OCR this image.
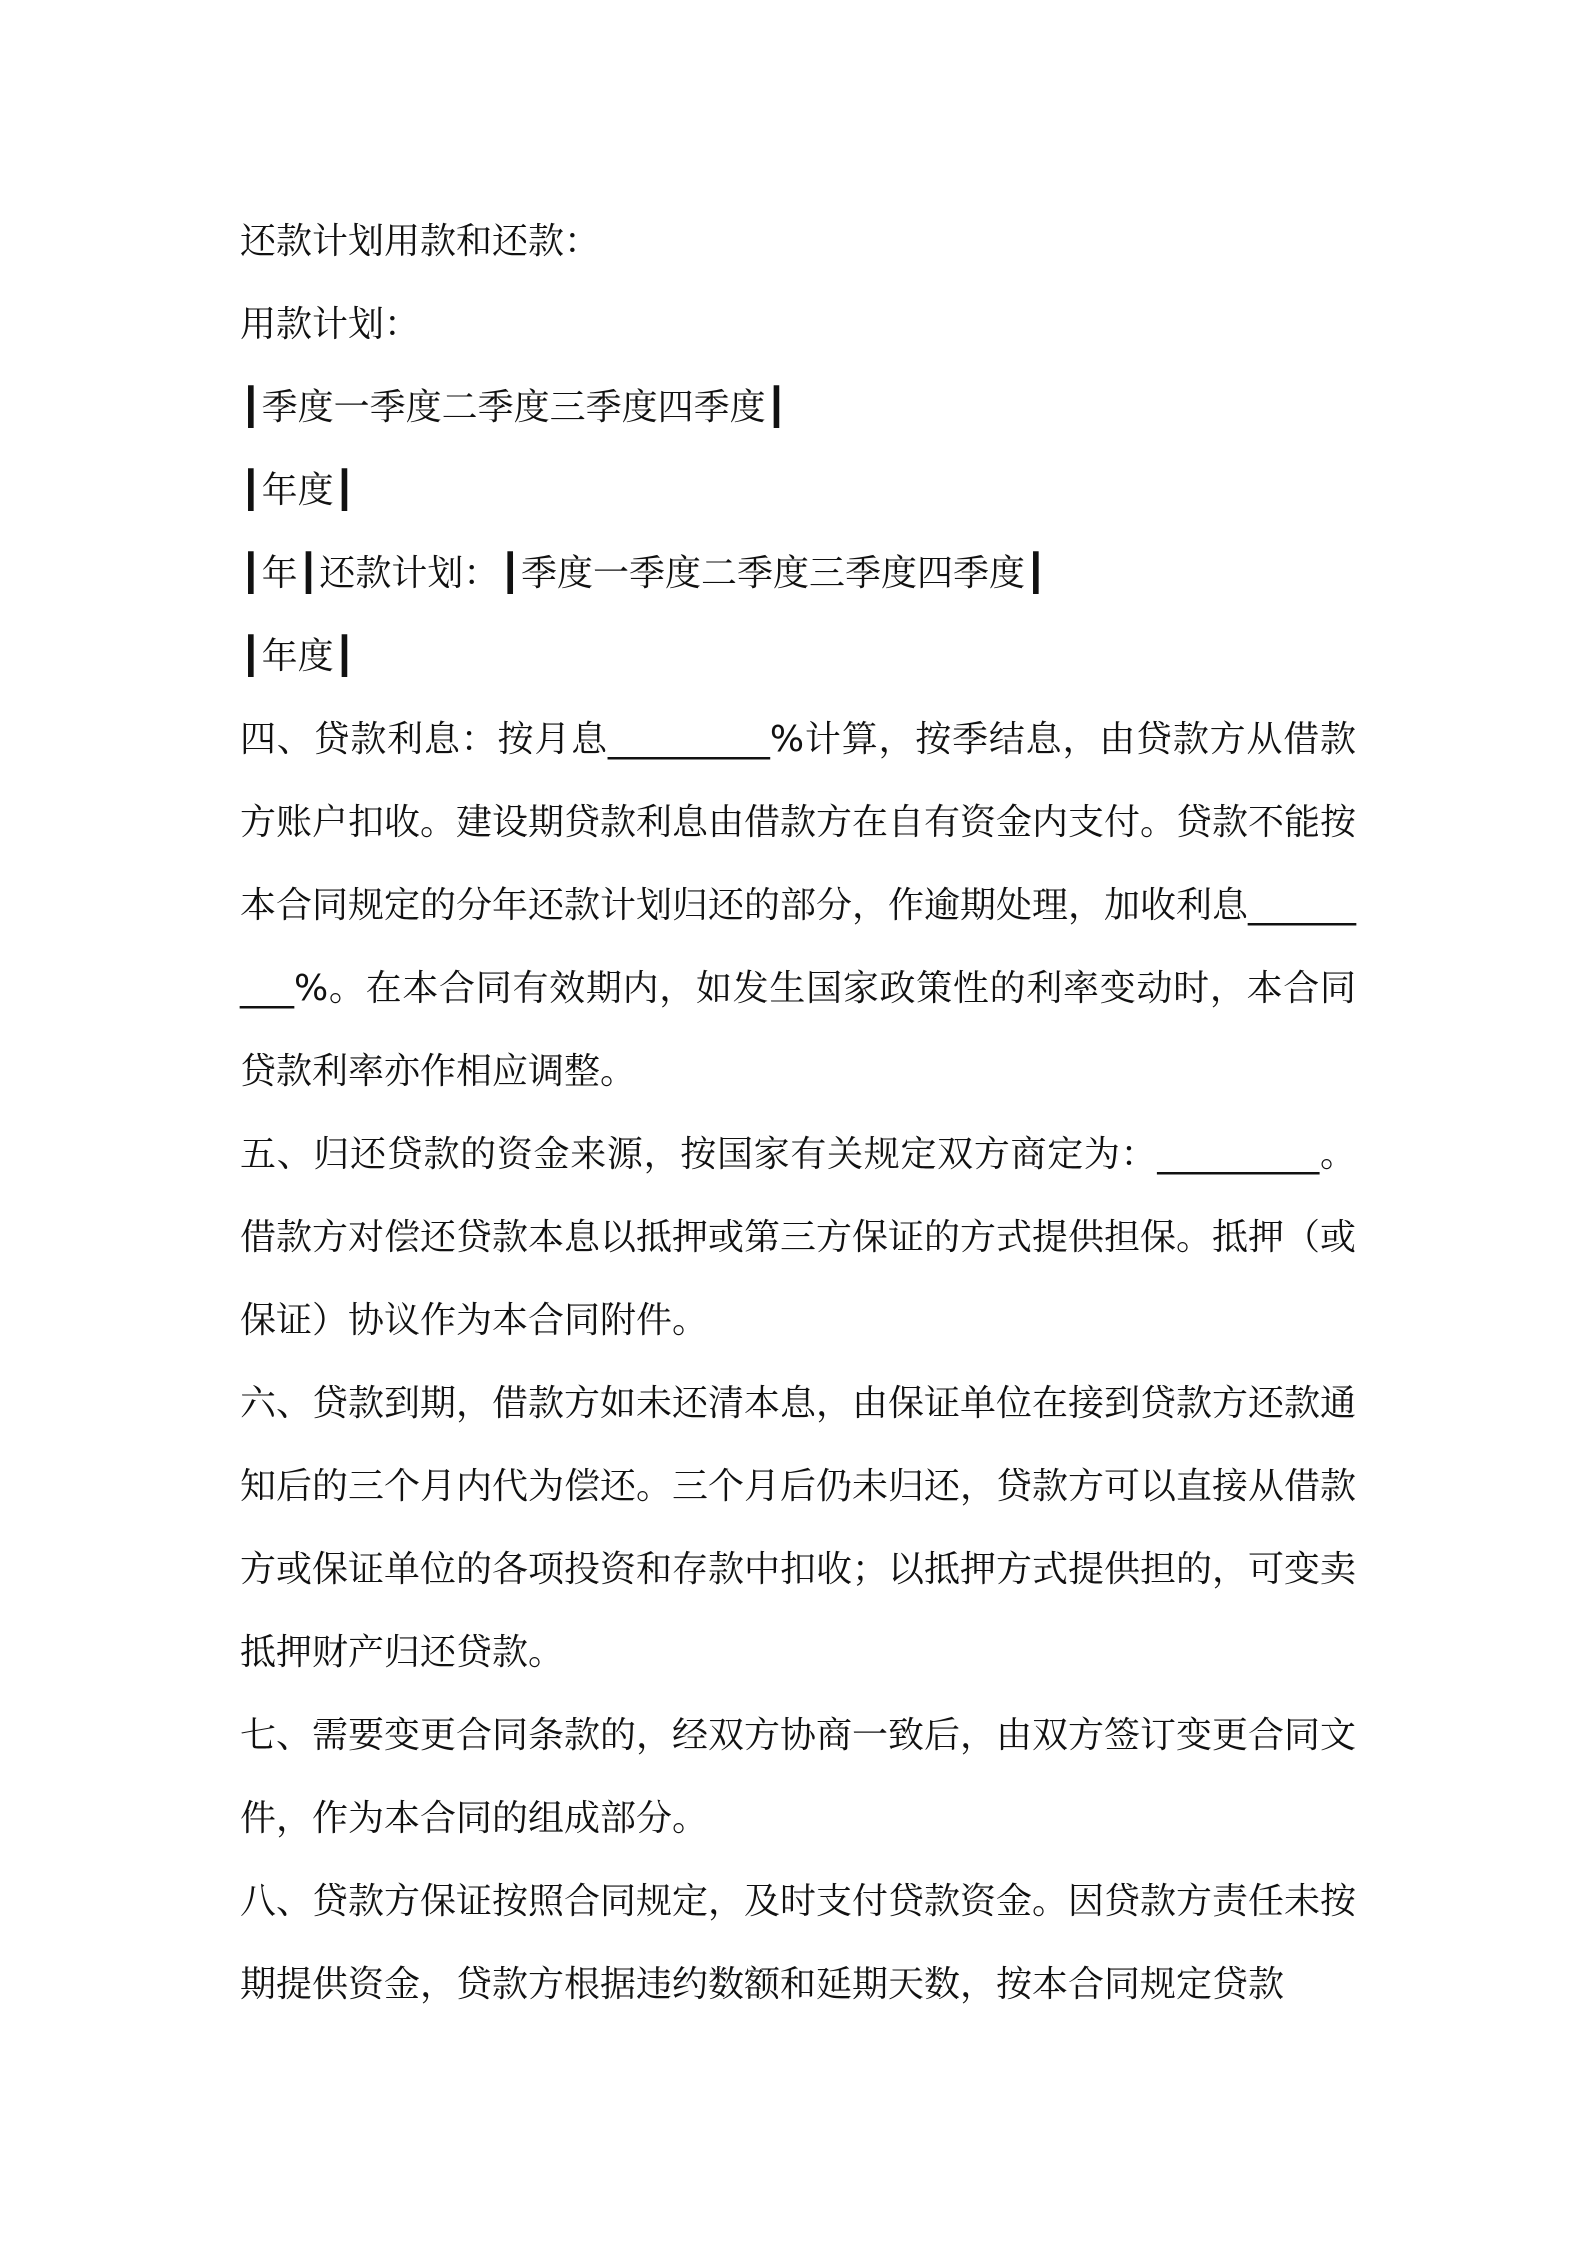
还款计划用款和还款：
用款计划：
┃季度一季度二季度三季度四季度┃
┃年度┃
┃年┃还款计划：┃季度一季度二季度三季度四季度┃
┃年度┃
四、贷款利息：按月息_________%计算，按季结息，由贷款方从借款方账户扣收。建设期贷款利息由借款方在自有资金内支付。贷款不能按本合同规定的分年还款计划归还的部分，作逾期处理，加收利息_________%。在本合同有效期内，如发生国家政策性的利率变动时，本合同贷款利率亦作相应调整。
五、归还贷款的资金来源，按国家有关规定双方商定为：_________。借款方对偿还贷款本息以抵押或第三方保证的方式提供担保。抵押（或保证）协议作为本合同附件。
六、贷款到期，借款方如未还清本息，由保证单位在接到贷款方还款通知后的三个月内代为偿还。三个月后仍未归还，贷款方可以直接从借款方或保证单位的各项投资和存款中扣收；以抵押方式提供担的，可变卖抵押财产归还贷款。
七、需要变更合同条款的，经双方协商一致后，由双方签订变更合同文件，作为本合同的组成部分。
八、贷款方保证按照合同规定，及时支付贷款资金。因贷款方责任未按期提供资金，贷款方根据违约数额和延期天数，按本合同规定贷款
